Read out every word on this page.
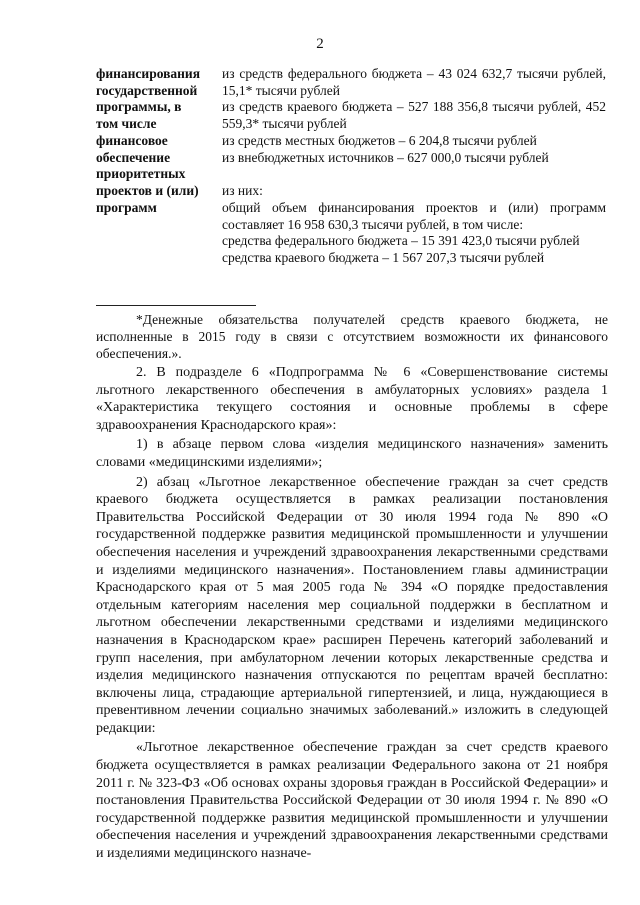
2
финансирования
государственной
программы, в
том числе
финансовое
обеспечение
приоритетных
проектов и (или)
программ

из средств федерального бюджета – 43 024 632,7 тысячи рублей, 15,1* тысячи рублей

из средств краевого бюджета – 527 188 356,8 тысячи рублей, 452 559,3* тысячи рублей

из средств местных бюджетов – 6 204,8 тысячи рублей

из внебюджетных источников – 627 000,0 тысячи рублей

из них:

общий объем финансирования проектов и (или) программ составляет 16 958 630,3 тысячи рублей, в том числе:

средства федерального бюджета – 15 391 423,0 тысячи рублей

средства краевого бюджета – 1 567 207,3 тысячи рублей

*Денежные обязательства получателей средств краевого бюджета, не исполненные в 2015 году в связи с отсутствием возможности их финансового обеспечения.».

2. В подразделе 6 «Подпрограмма № 6 «Совершенствование системы льготного лекарственного обеспечения в амбулаторных условиях» раздела 1 «Характеристика текущего состояния и основные проблемы в сфере здравоохранения Краснодарского края»:

1) в абзаце первом слова «изделия медицинского назначения» заменить словами «медицинскими изделиями»;

2) абзац «Льготное лекарственное обеспечение граждан за счет средств краевого бюджета осуществляется в рамках реализации постановления Правительства Российской Федерации от 30 июля 1994 года № 890 «О государственной поддержке развития медицинской промышленности и улучшении обеспечения населения и учреждений здравоохранения лекарственными средствами и изделиями медицинского назначения». Постановлением главы администрации Краснодарского края от 5 мая 2005 года № 394 «О порядке предоставления отдельным категориям населения мер социальной поддержки в бесплатном и льготном обеспечении лекарственными средствами и изделиями медицинского назначения в Краснодарском крае» расширен Перечень категорий заболеваний и групп населения, при амбулаторном лечении которых лекарственные средства и изделия медицинского назначения отпускаются по рецептам врачей бесплатно: включены лица, страдающие артериальной гипертензией, и лица, нуждающиеся в превентивном лечении социально значимых заболеваний.» изложить в следующей редакции:

«Льготное лекарственное обеспечение граждан за счет средств краевого бюджета осуществляется в рамках реализации Федерального закона от 21 ноября 2011 г. № 323-ФЗ «Об основах охраны здоровья граждан в Российской Федерации» и постановления Правительства Российской Федерации от 30 июля 1994 г. № 890 «О государственной поддержке развития медицинской промышленности и улучшении обеспечения населения и учреждений здравоохранения лекарственными средствами и изделиями медицинского назначе-
